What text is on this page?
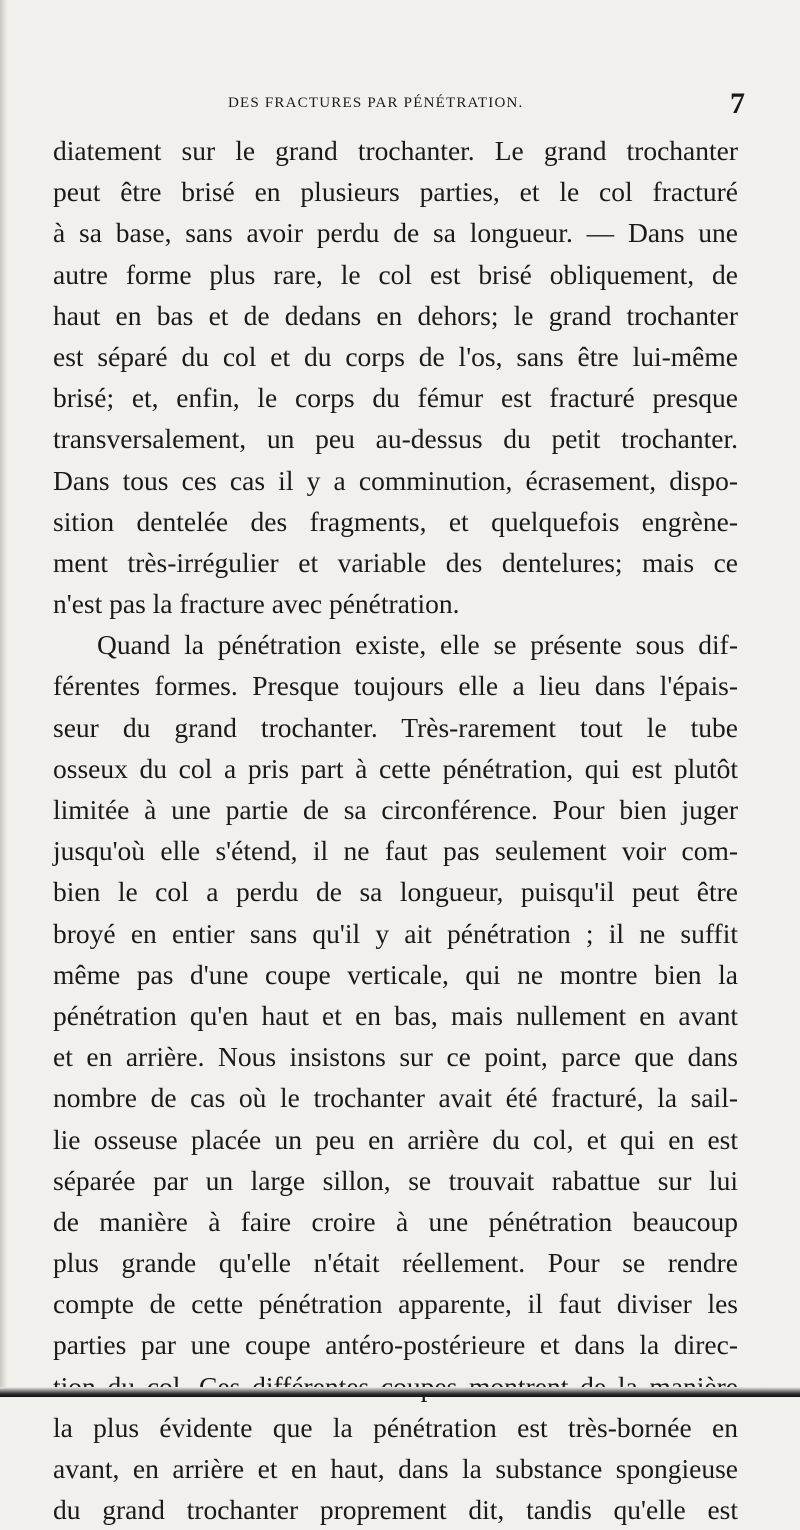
DES FRACTURES PAR PÉNÉTRATION.	7
diatement sur le grand trochanter. Le grand trochanter
peut être brisé en plusieurs parties, et le col fracturé
à sa base, sans avoir perdu de sa longueur. — Dans une
autre forme plus rare, le col est brisé obliquement, de
haut en bas et de dedans en dehors; le grand trochanter
est séparé du col et du corps de l'os, sans être lui-même
brisé; et, enfin, le corps du fémur est fracturé presque
transversalement, un peu au-dessus du petit trochanter.
Dans tous ces cas il y a comminution, écrasement, dispo-
sition dentelée des fragments, et quelquefois engrène-
ment très-irrégulier et variable des dentelures; mais ce
n'est pas la fracture avec pénétration.
Quand la pénétration existe, elle se présente sous dif-
férentes formes. Presque toujours elle a lieu dans l'épais-
seur du grand trochanter. Très-rarement tout le tube
osseux du col a pris part à cette pénétration, qui est plutôt
limitée à une partie de sa circonférence. Pour bien juger
jusqu'où elle s'étend, il ne faut pas seulement voir com-
bien le col a perdu de sa longueur, puisqu'il peut être
broyé en entier sans qu'il y ait pénétration ; il ne suffit
même pas d'une coupe verticale, qui ne montre bien la
pénétration qu'en haut et en bas, mais nullement en avant
et en arrière. Nous insistons sur ce point, parce que dans
nombre de cas où le trochanter avait été fracturé, la sail-
lie osseuse placée un peu en arrière du col, et qui en est
séparée par un large sillon, se trouvait rabattue sur lui
de manière à faire croire à une pénétration beaucoup
plus grande qu'elle n'était réellement. Pour se rendre
compte de cette pénétration apparente, il faut diviser les
parties par une coupe antéro-postérieure et dans la direc-
la plus évidente que la pénétration est très-bornée en
avant, en arrière et en haut, dans la substance spongieuse
du grand trochanter proprement dit, tandis qu'elle est
